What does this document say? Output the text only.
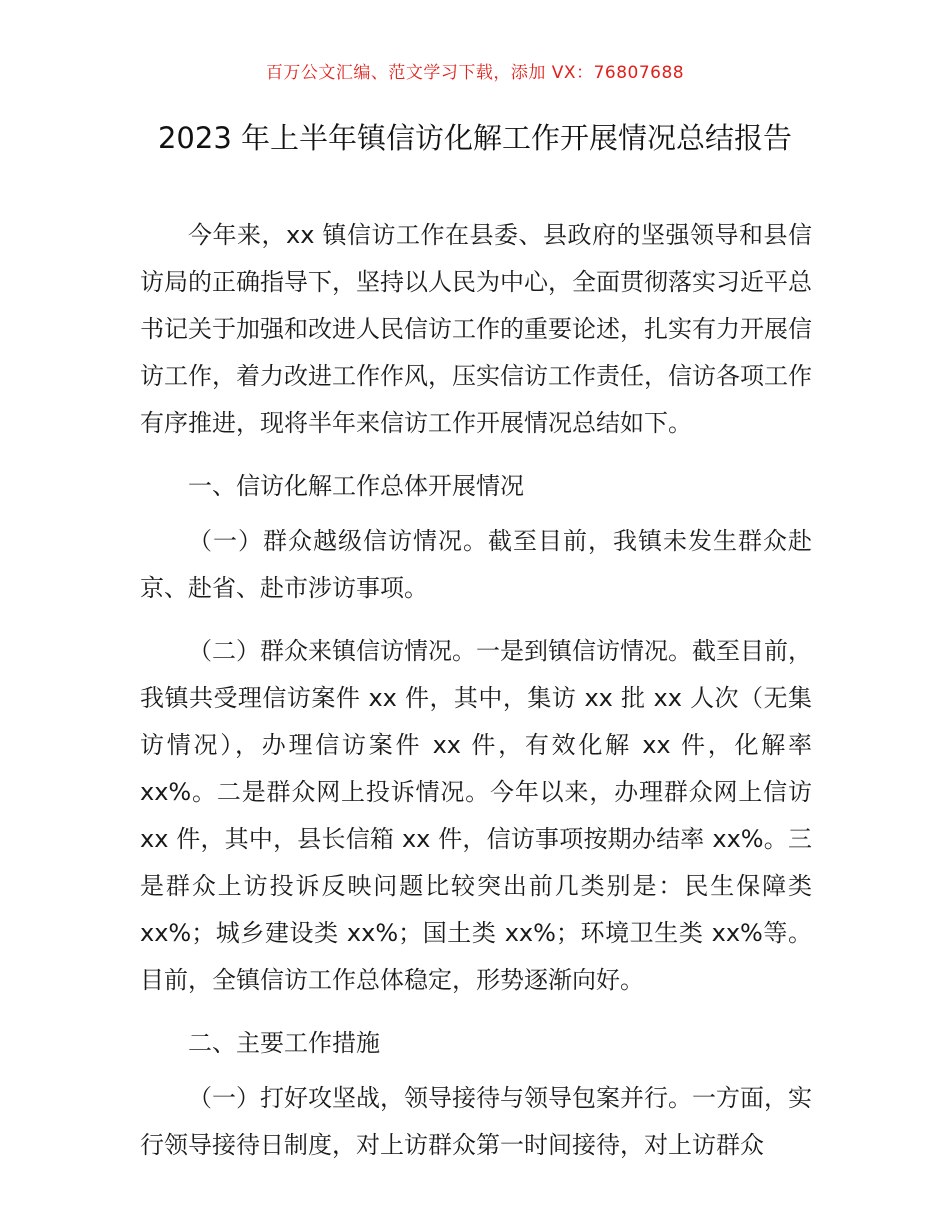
百万公文汇编、范文学习下载，添加 VX：76807688
2023 年上半年镇信访化解工作开展情况总结报告

今年来，xx 镇信访工作在县委、县政府的坚强领导和县信访局的正确指导下，坚持以人民为中心，全面贯彻落实习近平总书记关于加强和改进人民信访工作的重要论述，扎实有力开展信访工作，着力改进工作作风，压实信访工作责任，信访各项工作有序推进，现将半年来信访工作开展情况总结如下。

一、信访化解工作总体开展情况

（一）群众越级信访情况。截至目前，我镇未发生群众赴京、赴省、赴市涉访事项。

（二）群众来镇信访情况。一是到镇信访情况。截至目前，我镇共受理信访案件 xx 件，其中，集访 xx 批 xx 人次（无集访情况），办理信访案件 xx 件，有效化解 xx 件，化解率 xx%。二是群众网上投诉情况。今年以来，办理群众网上信访 xx 件，其中，县长信箱 xx 件，信访事项按期办结率 xx%。三是群众上访投诉反映问题比较突出前几类别是：民生保障类 xx%；城乡建设类 xx%；国土类 xx%；环境卫生类 xx%等。目前，全镇信访工作总体稳定，形势逐渐向好。

二、主要工作措施

（一）打好攻坚战，领导接待与领导包案并行。一方面，实行领导接待日制度，对上访群众第一时间接待，对上访群众
